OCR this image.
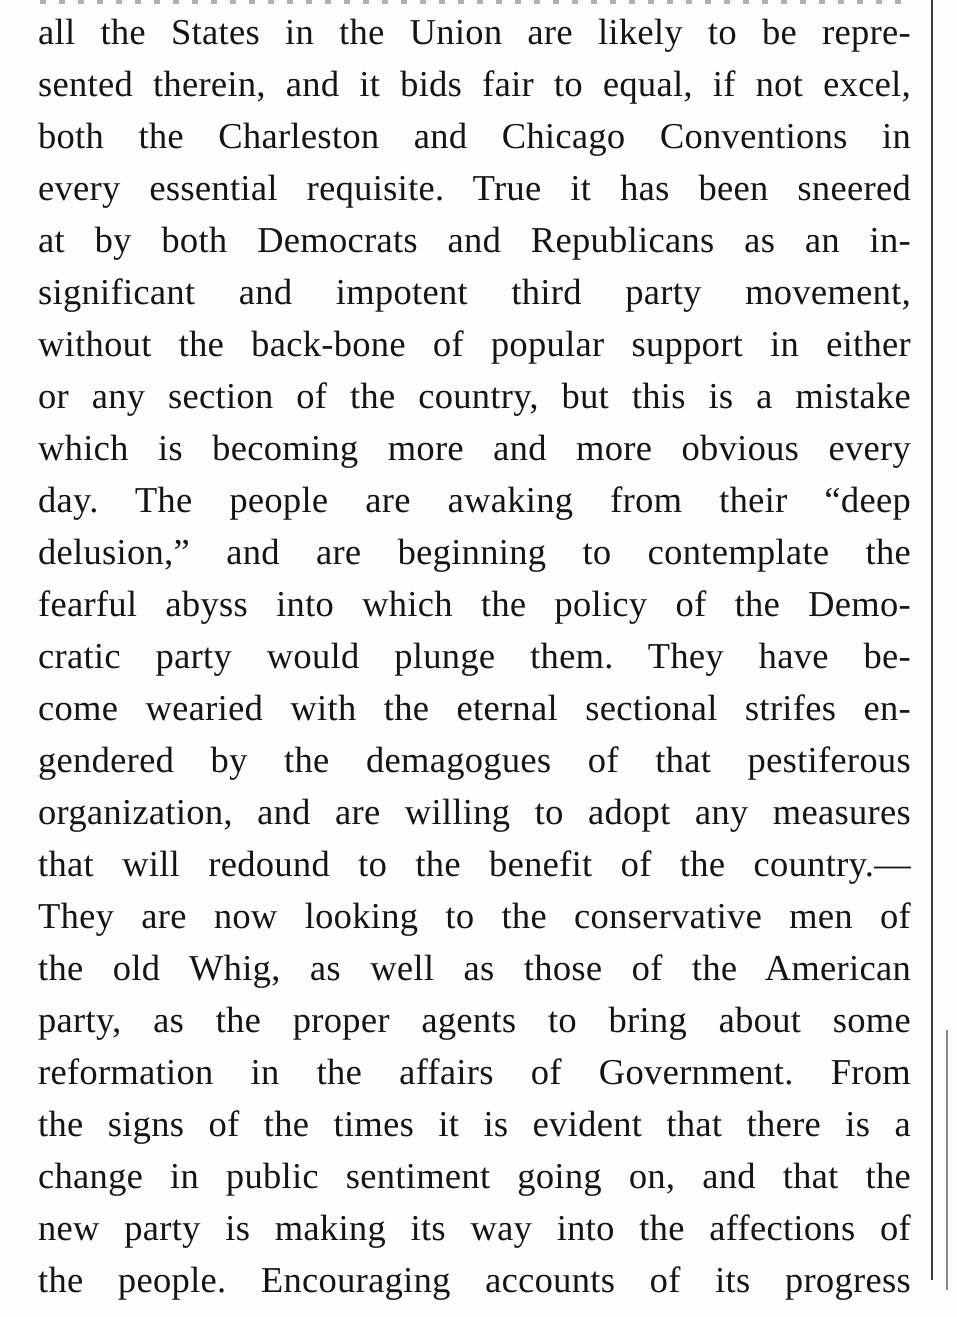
all the States in the Union are likely to be repre-
sented therein, and it bids fair to equal, if not excel,
both the Charleston and Chicago Conventions in
every essential requisite. True it has been sneered
at by both Democrats and Republicans as an in-
significant and impotent third party movement,
without the back-bone of popular support in either
or any section of the country, but this is a mistake
which is becoming more and more obvious every
day. The people are awaking from their “deep
delusion,” and are beginning to contemplate the
fearful abyss into which the policy of the Demo-
cratic party would plunge them. They have be-
come wearied with the eternal sectional strifes en-
gendered by the demagogues of that pestiferous
organization, and are willing to adopt any measures
that will redound to the benefit of the country.—
They are now looking to the conservative men of
the old Whig, as well as those of the American
party, as the proper agents to bring about some
reformation in the affairs of Government. From
the signs of the times it is evident that there is a
change in public sentiment going on, and that the
new party is making its way into the affections of
the people. Encouraging accounts of its progress
